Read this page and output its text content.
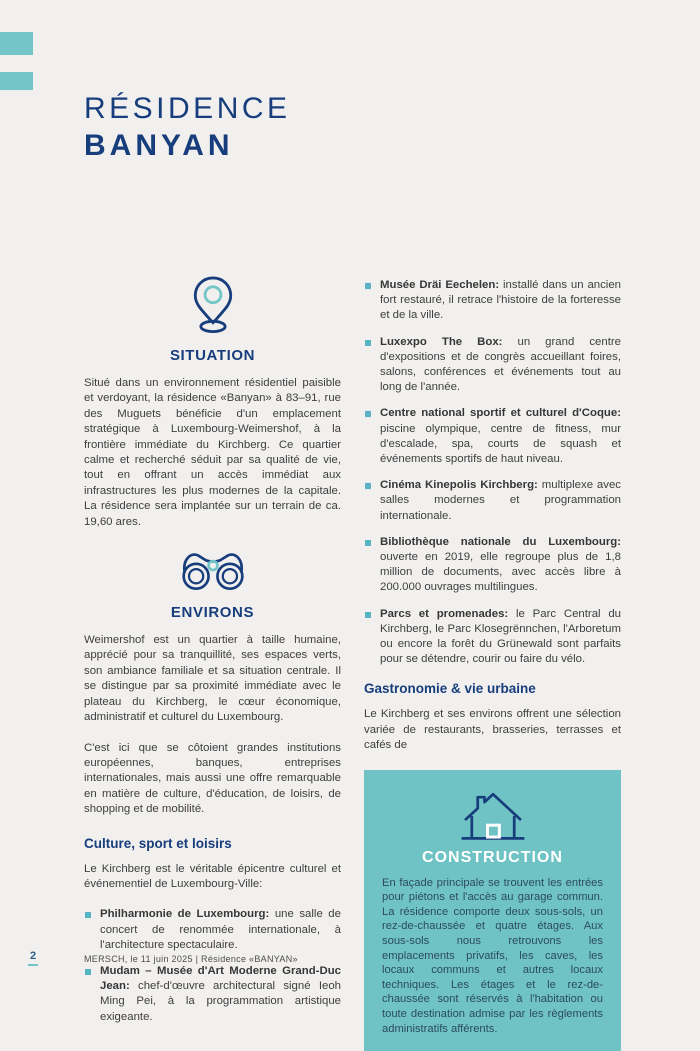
RÉSIDENCE
BANYAN
SITUATION

Situé dans un environnement résidentiel paisible et verdoyant, la résidence «Banyan» à 83–91, rue des Muguets bénéficie d'un emplacement stratégique à Luxembourg-Weimershof, à la frontière immédiate du Kirchberg. Ce quartier calme et recherché séduit par sa qualité de vie, tout en offrant un accès immédiat aux infrastructures les plus modernes de la capitale. La résidence sera implantée sur un terrain de ca. 19,60 ares.

ENVIRONS

Weimershof est un quartier à taille humaine, apprécié pour sa tranquillité, ses espaces verts, son ambiance familiale et sa situation centrale. Il se distingue par sa proximité immédiate avec le plateau du Kirchberg, le cœur économique, administratif et culturel du Luxembourg.

C'est ici que se côtoient grandes institutions européennes, banques, entreprises internationales, mais aussi une offre remarquable en matière de culture, d'éducation, de loisirs, de shopping et de mobilité.

Culture, sport et loisirs

Le Kirchberg est le véritable épicentre culturel et événementiel de Luxembourg-Ville:

Philharmonie de Luxembourg: une salle de concert de renommée internationale, à l'architecture spectaculaire.
Mudam – Musée d'Art Moderne Grand-Duc Jean: chef-d'œuvre architectural signé Ieoh Ming Pei, à la programmation artistique exigeante.
Musée Dräi Eechelen: installé dans un ancien fort restauré, il retrace l'histoire de la forteresse et de la ville.
Luxexpo The Box: un grand centre d'expositions et de congrès accueillant foires, salons, conférences et événements tout au long de l'année.
Centre national sportif et culturel d'Coque: piscine olympique, centre de fitness, mur d'escalade, spa, courts de squash et événements sportifs de haut niveau.
Cinéma Kinepolis Kirchberg: multiplexe avec salles modernes et programmation internationale.
Bibliothèque nationale du Luxembourg: ouverte en 2019, elle regroupe plus de 1,8 million de documents, avec accès libre à 200.000 ouvrages multilingues.
Parcs et promenades: le Parc Central du Kirchberg, le Parc Klosegrënnchen, l'Arboretum ou encore la forêt du Grünewald sont parfaits pour se détendre, courir ou faire du vélo.
Gastronomie & vie urbaine

Le Kirchberg et ses environs offrent une sélection variée de restaurants, brasseries, terrasses et cafés de

CONSTRUCTION

En façade principale se trouvent les entrées pour piétons et l'accès au garage commun. La résidence comporte deux sous-sols, un rez-de-chaussée et quatre étages. Aux sous-sols nous retrouvons les emplacements privatifs, les caves, les locaux communs et autres locaux techniques. Les étages et le rez-de-chaussée sont réservés à l'habitation ou toute destination admise par les règlements administratifs afférents.

2	MERSCH, le 11 juin 2025 | Résidence «BANYAN»
